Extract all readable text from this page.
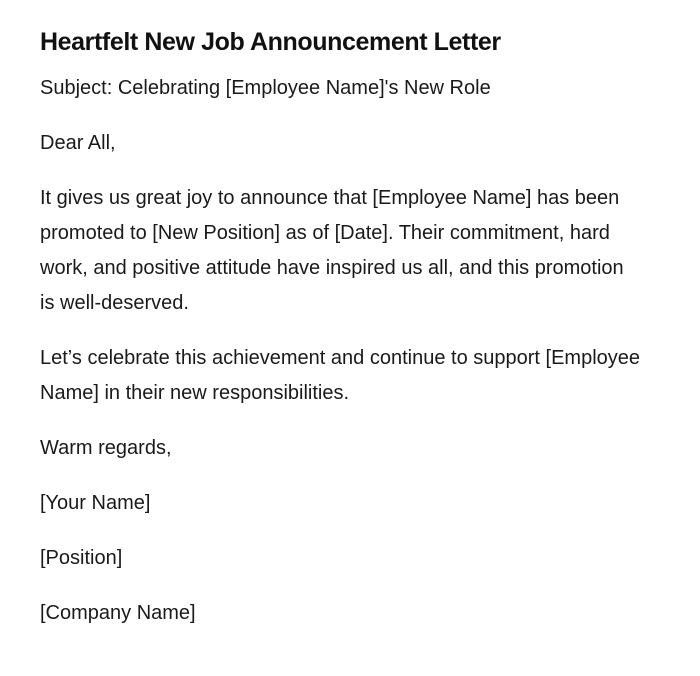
Heartfelt New Job Announcement Letter

Subject: Celebrating [Employee Name]'s New Role

Dear All,

It gives us great joy to announce that [Employee Name] has been promoted to [New Position] as of [Date]. Their commitment, hard work, and positive attitude have inspired us all, and this promotion is well-deserved.

Let’s celebrate this achievement and continue to support [Employee Name] in their new responsibilities.

Warm regards,

[Your Name]

[Position]

[Company Name]
